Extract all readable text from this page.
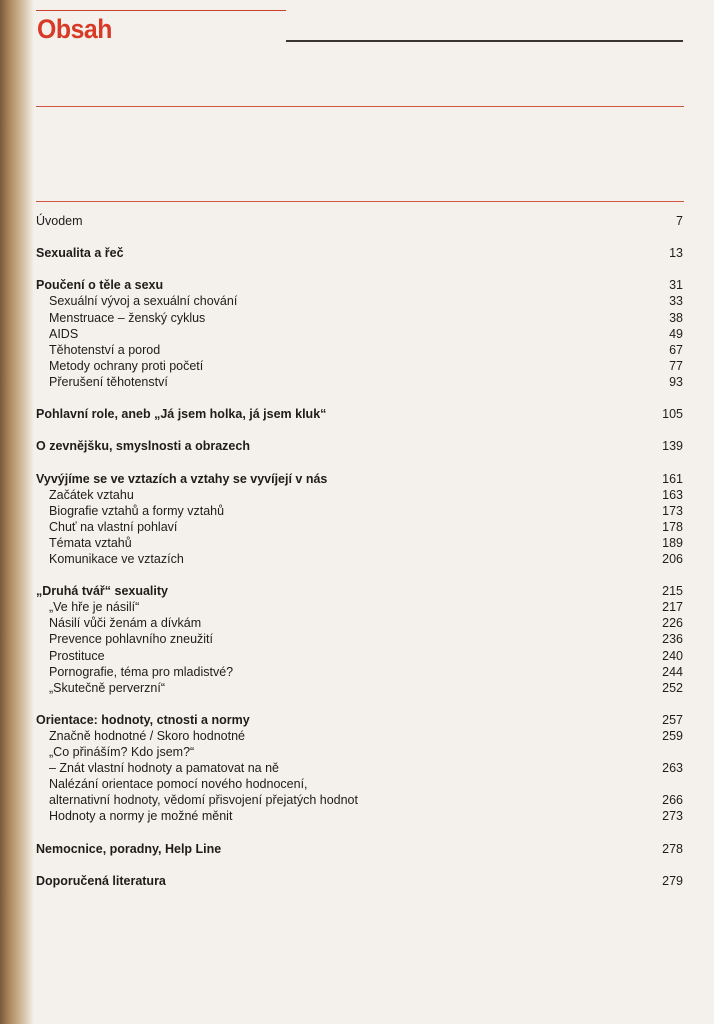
Obsah
Úvodem	7
Sexualita a řeč	13
Poučení o těle a sexu	31
Sexuální vývoj a sexuální chování	33
Menstruace – ženský cyklus	38
AIDS	49
Těhotenství a porod	67
Metody ochrany proti početí	77
Přerušení těhotenství	93
Pohlavní role, aneb „Já jsem holka, já jsem kluk“	105
O zevnějšku, smyslnosti a obrazech	139
Vyvýjíme se ve vztazích a vztahy se vyvíjejí v nás	161
Začátek vztahu	163
Biografie vztahů a formy vztahů	173
Chuť na vlastní pohlaví	178
Témata vztahů	189
Komunikace ve vztazích	206
„Druhá tvář“ sexuality	215
„Ve hře je násilí“	217
Násilí vůči ženám a dívkám	226
Prevence pohlavního zneužití	236
Prostituce	240
Pornografie, téma pro mladistvé?	244
„Skutečně perverzní“	252
Orientace: hodnoty, ctnosti a normy	257
Značně hodnotné / Skoro hodnotné	259
„Co přináším? Kdo jsem?“
– Znát vlastní hodnoty a pamatovat na ně	263
Nalézání orientace pomocí nového hodnocení,
alternativní hodnoty, vědomí přisvojení přejatých hodnot	266
Hodnoty a normy je možné měnit	273
Nemocnice, poradny, Help Line	278
Doporučená literatura	279
